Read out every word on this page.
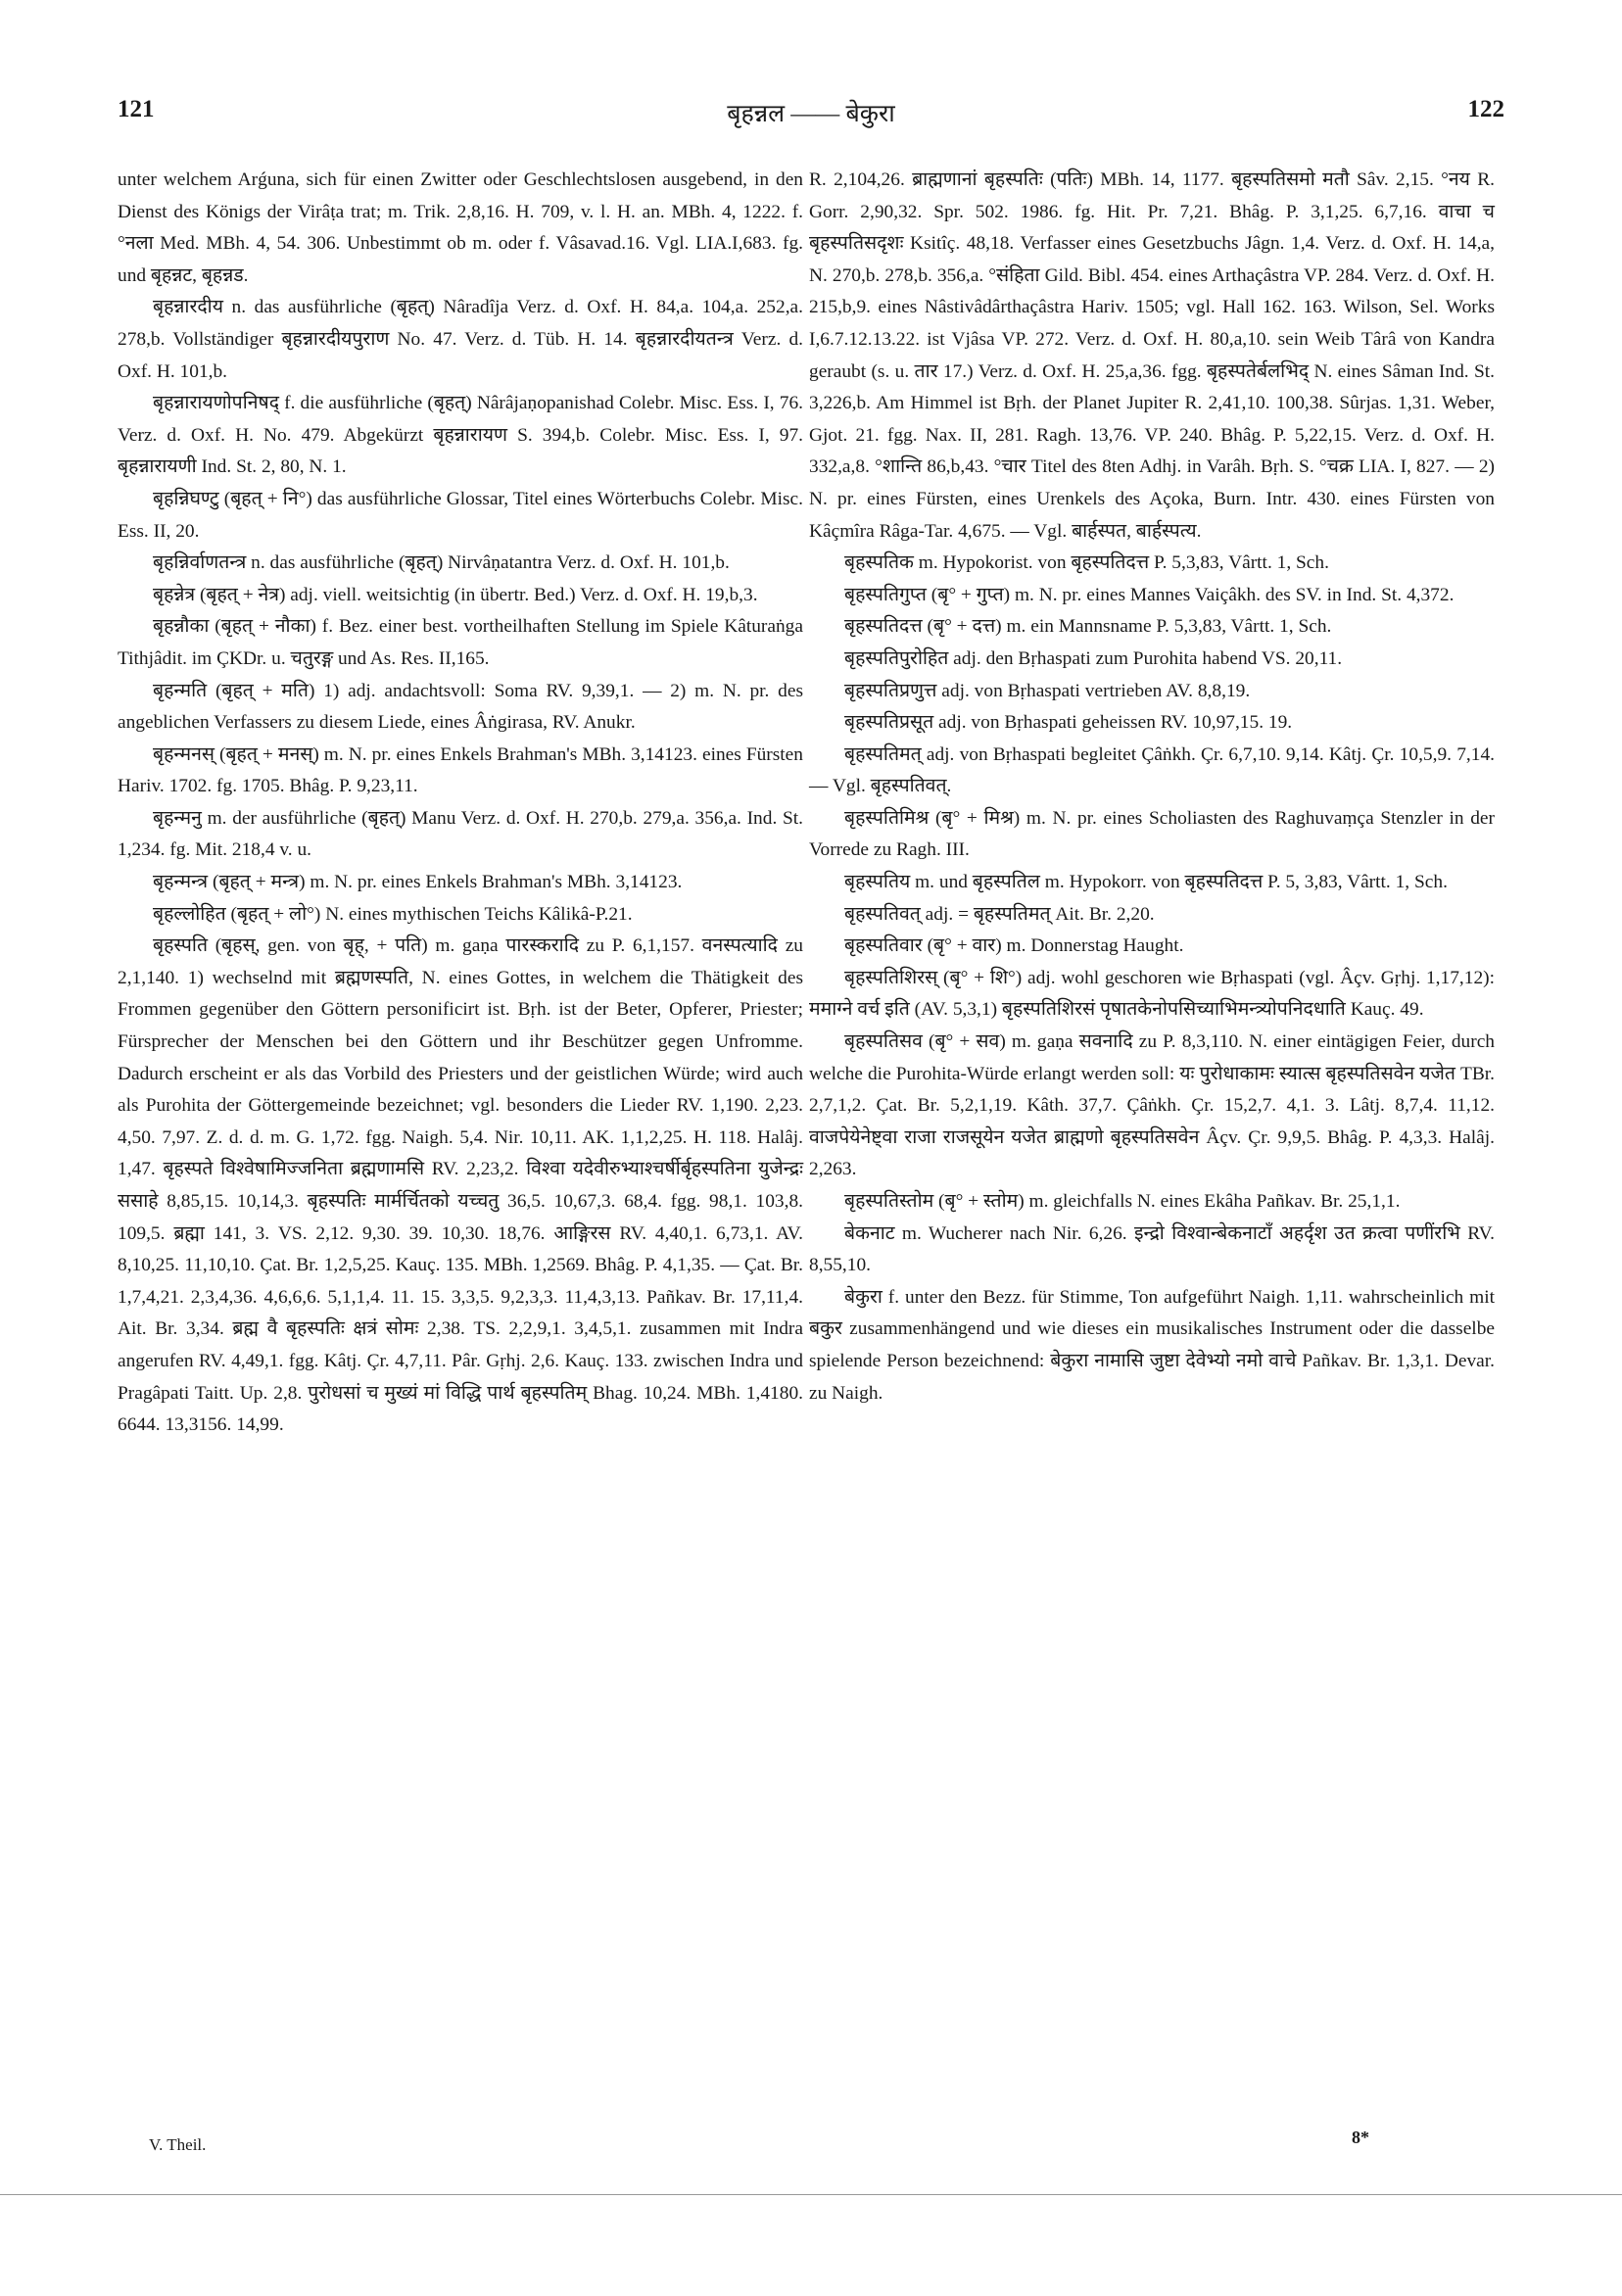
121	बृहन्नल —— बेकुरा	122

unter welchem Arǵuna, sich für einen Zwitter oder Geschlechtslosen ausgebend, in den Dienst des Königs der Virâṭa trat; m. Trik. 2,8,16. H. 709, v. l. H. an. MBh. 4, 1222. f. °नला Med. MBh. 4, 54. 306. Unbestimmt ob m. oder f. Vâsavad.16. Vgl. LIA.I,683. fg. und बृहन्नट, बृहन्नड.

बृहन्नारदीय n. das ausführliche (बृहत्) Nâradîja Verz. d. Oxf. H. 84,a. 104,a. 252,a. 278,b. Vollständiger बृहन्नारदीयपुराण No. 47. Verz. d. Tüb. H. 14. बृहन्नारदीयतन्त्र Verz. d. Oxf. H. 101,b.

बृहन्नारायणोपनिषद् f. die ausführliche (बृहत्) Nârâjaṇopanishad Colebr. Misc. Ess. I, 76. Verz. d. Oxf. H. No. 479. Abgekürzt बृहन्नारायण S. 394,b. Colebr. Misc. Ess. I, 97. बृहन्नारायणी Ind. St. 2, 80, N. 1.

बृहन्निघण्टु (बृहत् + नि°) das ausführliche Glossar, Titel eines Wörterbuchs Colebr. Misc. Ess. II, 20.

बृहन्निर्वाणतन्त्र n. das ausführliche (बृहत्) Nirvâṇatantra Verz. d. Oxf. H. 101,b.

बृहन्नेत्र (बृहत् + नेत्र) adj. viell. weitsichtig (in übertr. Bed.) Verz. d. Oxf. H. 19,b,3.

बृहन्नौका (बृहत् + नौका) f. Bez. einer best. vortheilhaften Stellung im Spiele Kâturaṅga Tithjâdit. im ÇKDr. u. चतुरङ्ग und As. Res. II,165.

बृहन्मति (बृहत् + मति) 1) adj. andachtsvoll: Soma RV. 9,39,1. — 2) m. N. pr. des angeblichen Verfassers zu diesem Liede, eines Âṅgirasa, RV. Anukr.

बृहन्मनस् (बृहत् + मनस्) m. N. pr. eines Enkels Brahman's MBh. 3,14123. eines Fürsten Hariv. 1702. fg. 1705. Bhâg. P. 9,23,11.

बृहन्मनु m. der ausführliche (बृहत्) Manu Verz. d. Oxf. H. 270,b. 279,a. 356,a. Ind. St. 1,234. fg. Mit. 218,4 v. u.

बृहन्मन्त्र (बृहत् + मन्त्र) m. N. pr. eines Enkels Brahman's MBh. 3,14123.

बृहल्लोहित (बृहत् + लो°) N. eines mythischen Teichs Kâlikâ-P.21.

बृहस्पति (बृहस्, gen. von बृह्, + पति) m. gaṇa पारस्करादि zu P. 6,1,157. वनस्पत्यादि zu 2,1,140. 1) wechselnd mit ब्रह्मणस्पति, N. eines Gottes, in welchem die Thätigkeit des Frommen gegenüber den Göttern personificirt ist. Bṛh. ist der Beter, Opferer, Priester; Fürsprecher der Menschen bei den Göttern und ihr Beschützer gegen Unfromme. Dadurch erscheint er als das Vorbild des Priesters und der geistlichen Würde; wird auch als Purohita der Göttergemeinde bezeichnet; vgl. besonders die Lieder RV. 1,190. 2,23. 4,50. 7,97. Z. d. d. m. G. 1,72. fgg. Naigh. 5,4. Nir. 10,11. AK. 1,1,2,25. H. 118. Halâj. 1,47. बृहस्पते विश्वेषामिज्जनिता ब्रह्मणामसि RV. 2,23,2. विश्वा यदेवीरुभ्याश्चर्षीर्बृहस्पतिना युजेन्द्रः ससाहे 8,85,15. 10,14,3. बृहस्पतिः मार्मर्चितको यच्चतु 36,5. 10,67,3. 68,4. fgg. 98,1. 103,8. 109,5. ब्रह्मा 141, 3. VS. 2,12. 9,30. 39. 10,30. 18,76. आङ्गिरस RV. 4,40,1. 6,73,1. AV. 8,10,25. 11,10,10. Çat. Br. 1,2,5,25. Kauç. 135. MBh. 1,2569. Bhâg. P. 4,1,35. — Çat. Br. 1,7,4,21. 2,3,4,36. 4,6,6,6. 5,1,1,4. 11. 15. 3,3,5. 9,2,3,3. 11,4,3,13. Pañkav. Br. 17,11,4. Ait. Br. 3,34. ब्रह्म वै बृहस्पतिः क्षत्रं सोमः 2,38. TS. 2,2,9,1. 3,4,5,1. zusammen mit Indra angerufen RV. 4,49,1. fgg. Kâtj. Çr. 4,7,11. Pâr. Gṛhj. 2,6. Kauç. 133. zwischen Indra und Pragâpati Taitt. Up. 2,8. पुरोधसां च मुख्यं मां विद्धि पार्थ बृहस्पतिम् Bhag. 10,24. MBh. 1,4180. 6644. 13,3156. 14,99.

R. 2,104,26. ब्राह्मणानां बृहस्पतिः (पतिः) MBh. 14, 1177. बृहस्पतिसमो मतौ Sâv. 2,15. °नय R. Gorr. 2,90,32. Spr. 502. 1986. fg. Hit. Pr. 7,21. Bhâg. P. 3,1,25. 6,7,16. वाचा च बृहस्पतिसदृशः Ksitîç. 48,18. Verfasser eines Gesetzbuchs Jâgn. 1,4. Verz. d. Oxf. H. 14,a, N. 270,b. 278,b. 356,a. °संहिता Gild. Bibl. 454. eines Arthaçâstra VP. 284. Verz. d. Oxf. H. 215,b,9. eines Nâstivâdârthaçâstra Hariv. 1505; vgl. Hall 162. 163. Wilson, Sel. Works I,6.7.12.13.22. ist Vjâsa VP. 272. Verz. d. Oxf. H. 80,a,10. sein Weib Târâ von Kandra geraubt (s. u. तार 17.) Verz. d. Oxf. H. 25,a,36. fgg. बृहस्पतेर्बलभिद् N. eines Sâman Ind. St. 3,226,b. Am Himmel ist Bṛh. der Planet Jupiter R. 2,41,10. 100,38. Sûrjas. 1,31. Weber, Gjot. 21. fgg. Nax. II, 281. Ragh. 13,76. VP. 240. Bhâg. P. 5,22,15. Verz. d. Oxf. H. 332,a,8. °शान्ति 86,b,43. °चार Titel des 8ten Adhj. in Varâh. Bṛh. S. °चक्र LIA. I, 827. — 2) N. pr. eines Fürsten, eines Urenkels des Açoka, Burn. Intr. 430. eines Fürsten von Kâçmîra Râga-Tar. 4,675. — Vgl. बार्हस्पत, बार्हस्पत्य.

बृहस्पतिक m. Hypokorist. von बृहस्पतिदत्त P. 5,3,83, Vârtt. 1, Sch.

बृहस्पतिगुप्त (बृ° + गुप्त) m. N. pr. eines Mannes Vaiçâkh. des SV. in Ind. St. 4,372.

बृहस्पतिदत्त (बृ° + दत्त) m. ein Mannsname P. 5,3,83, Vârtt. 1, Sch.

बृहस्पतिपुरोहित adj. den Bṛhaspati zum Purohita habend VS. 20,11.

बृहस्पतिप्रणुत्त adj. von Bṛhaspati vertrieben AV. 8,8,19.

बृहस्पतिप्रसूत adj. von Bṛhaspati geheissen RV. 10,97,15. 19.

बृहस्पतिमत् adj. von Bṛhaspati begleitet Çâṅkh. Çr. 6,7,10. 9,14. Kâtj. Çr. 10,5,9. 7,14. — Vgl. बृहस्पतिवत्.

बृहस्पतिमिश्र (बृ° + मिश्र) m. N. pr. eines Scholiasten des Raghuvaṃça Stenzler in der Vorrede zu Ragh. III.

बृहस्पतिय m. und बृहस्पतिल m. Hypokorr. von बृहस्पतिदत्त P. 5, 3,83, Vârtt. 1, Sch.

बृहस्पतिवत् adj. = बृहस्पतिमत् Ait. Br. 2,20.

बृहस्पतिवार (बृ° + वार) m. Donnerstag Haught.

बृहस्पतिशिरस् (बृ° + शि°) adj. wohl geschoren wie Bṛhaspati (vgl. Âçv. Gṛhj. 1,17,12): ममाग्ने वर्च इति (AV. 5,3,1) बृहस्पतिशिरसं पृषातकेनोपसिच्याभिमन्त्र्योपनिदधाति Kauç. 49.

बृहस्पतिसव (बृ° + सव) m. gaṇa सवनादि zu P. 8,3,110. N. einer eintägigen Feier, durch welche die Purohita-Würde erlangt werden soll: यः पुरोधाकामः स्यात्स बृहस्पतिसवेन यजेत TBr. 2,7,1,2. Çat. Br. 5,2,1,19. Kâth. 37,7. Çâṅkh. Çr. 15,2,7. 4,1. 3. Lâtj. 8,7,4. 11,12. वाजपेयेनेष्ट्वा राजा राजसूयेन यजेत ब्राह्मणो बृहस्पतिसवेन Âçv. Çr. 9,9,5. Bhâg. P. 4,3,3. Halâj. 2,263.

बृहस्पतिस्तोम (बृ° + स्तोम) m. gleichfalls N. eines Ekâha Pañkav. Br. 25,1,1.

बेकनाट m. Wucherer nach Nir. 6,26. इन्द्रो विश्वान्बेकनाटाँ अहर्दृश उत क्रत्वा पणींरभि RV. 8,55,10.

बेकुरा f. unter den Bezz. für Stimme, Ton aufgeführt Naigh. 1,11. wahrscheinlich mit बकुर zusammenhängend und wie dieses ein musikalisches Instrument oder die dasselbe spielende Person bezeichnend: बेकुरा नामासि जुष्टा देवेभ्यो नमो वाचे Pañkav. Br. 1,3,1. Devar. zu Naigh.

V. Theil.	8*
